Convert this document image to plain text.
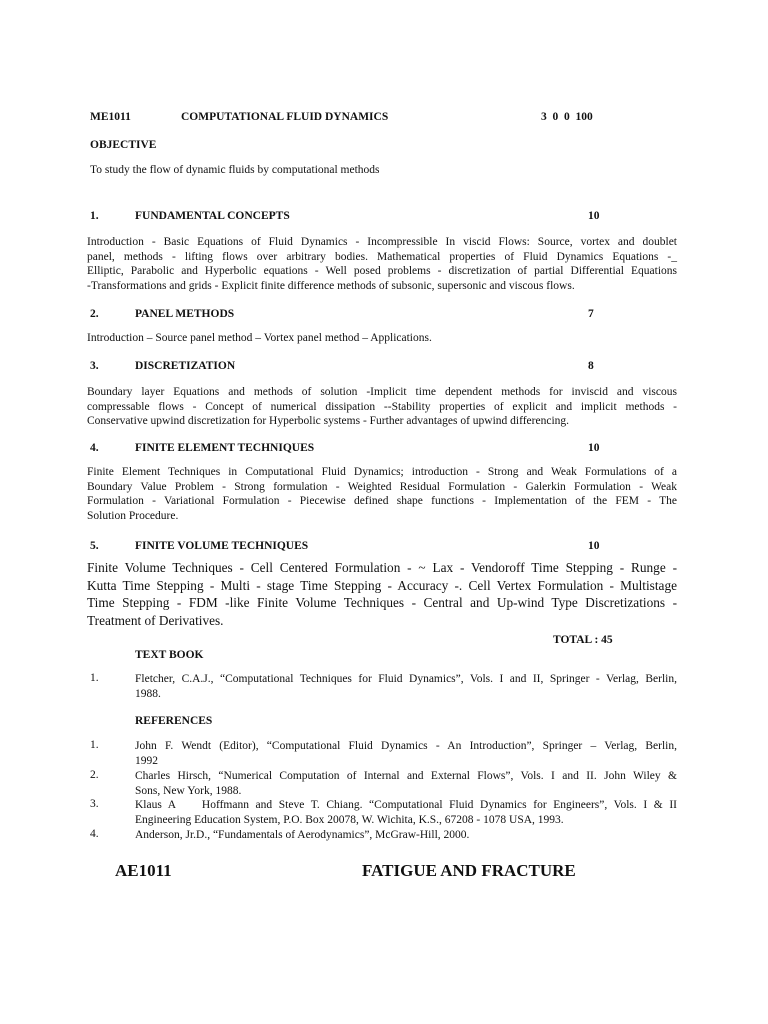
ME1011	COMPUTATIONAL FLUID DYNAMICS	3  0  0  100
OBJECTIVE
To study the flow of dynamic fluids by computational methods
1.	FUNDAMENTAL CONCEPTS	10
Introduction - Basic Equations of Fluid Dynamics - Incompressible In viscid Flows: Source, vortex and doublet
panel, methods - lifting flows over arbitrary bodies. Mathematical properties of Fluid Dynamics Equations -_
Elliptic, Parabolic and Hyperbolic equations - Well posed problems - discretization of partial Differential Equations
-Transformations and grids - Explicit finite difference methods of subsonic, supersonic and viscous flows.
2.	PANEL METHODS	7
Introduction – Source panel method – Vortex panel method – Applications.
3.	DISCRETIZATION	8
Boundary layer Equations and methods of solution -Implicit time dependent methods for inviscid and viscous
compressable flows - Concept of numerical dissipation --Stability properties of explicit and implicit methods -
Conservative upwind discretization for Hyperbolic systems - Further advantages of upwind differencing.
4.	FINITE ELEMENT TECHNIQUES	10
Finite Element Techniques in Computational Fluid Dynamics; introduction - Strong and Weak Formulations of a
Boundary Value Problem - Strong formulation - Weighted Residual Formulation - Galerkin Formulation - Weak
Formulation - Variational Formulation - Piecewise defined shape functions - Implementation of the FEM - The
Solution Procedure.
5.	FINITE VOLUME TECHNIQUES	10
Finite Volume Techniques - Cell Centered Formulation - ~ Lax - Vendoroff Time Stepping - Runge -
Kutta Time Stepping - Multi - stage Time Stepping - Accuracy -. Cell Vertex Formulation - Multistage
Time Stepping - FDM -like Finite Volume Techniques - Central and Up-wind Type Discretizations -
Treatment of Derivatives.
TOTAL : 45
TEXT BOOK
REFERENCES
1.	Fletcher, C.A.J., “Computational Techniques for Fluid Dynamics”, Vols. I and II, Springer - Verlag, Berlin,
1988.
1.	John F. Wendt (Editor), “Computational Fluid Dynamics - An Introduction”, Springer – Verlag, Berlin,
1992
2.	Charles Hirsch, “Numerical Computation of Internal and External Flows”, Vols. I and II. John Wiley &
Sons, New York, 1988.
3.	Klaus A    Hoffmann and Steve T. Chiang. “Computational Fluid Dynamics for Engineers”, Vols. I & II
Engineering Education System, P.O. Box 20078, W. Wichita, K.S., 67208 - 1078 USA, 1993.
4.	Anderson, Jr.D., “Fundamentals of Aerodynamics”, McGraw-Hill, 2000.
AE1011	FATIGUE AND FRACTURE
